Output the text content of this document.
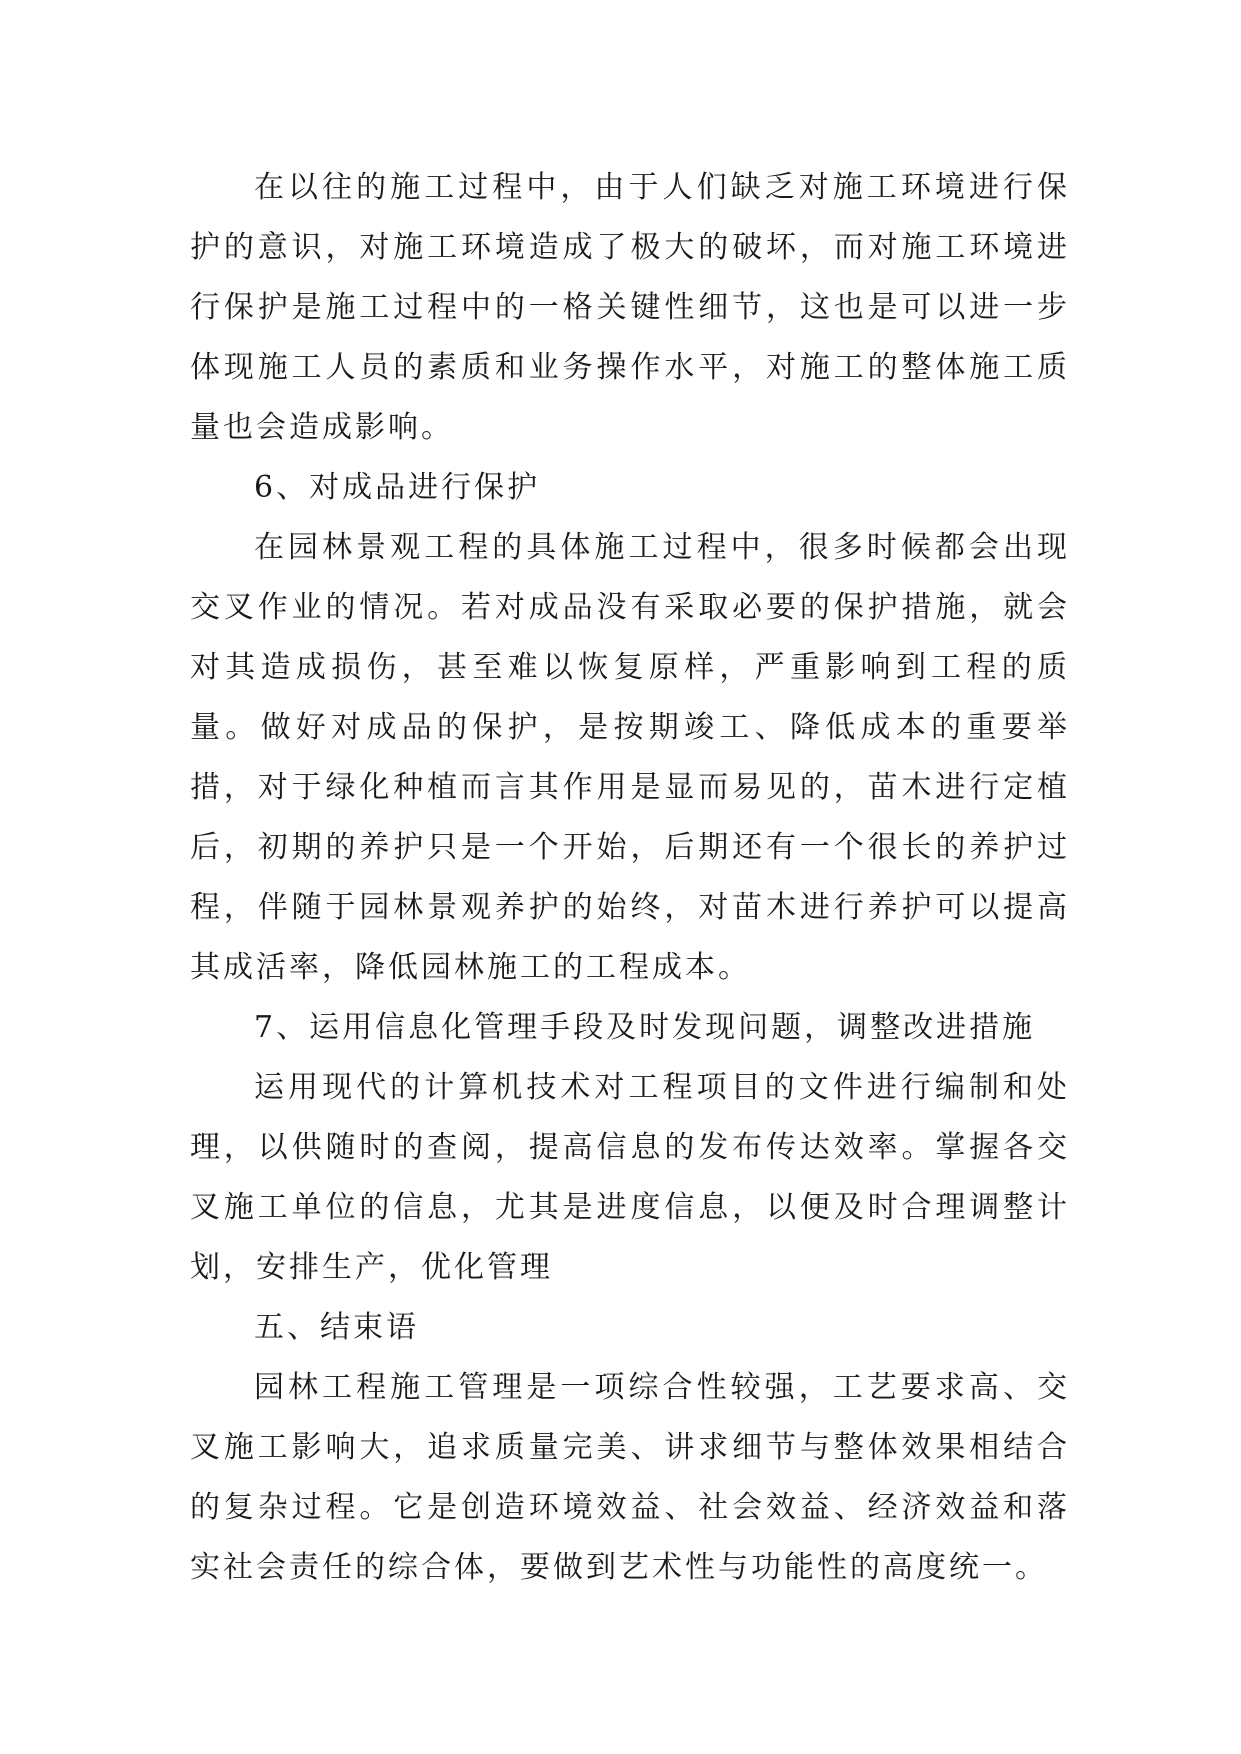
在以往的施工过程中，由于人们缺乏对施工环境进行保护的意识，对施工环境造成了极大的破坏，而对施工环境进行保护是施工过程中的一格关键性细节，这也是可以进一步体现施工人员的素质和业务操作水平，对施工的整体施工质量也会造成影响。

6、对成品进行保护

在园林景观工程的具体施工过程中，很多时候都会出现交叉作业的情况。若对成品没有采取必要的保护措施，就会对其造成损伤，甚至难以恢复原样，严重影响到工程的质量。做好对成品的保护，是按期竣工、降低成本的重要举措，对于绿化种植而言其作用是显而易见的，苗木进行定植后，初期的养护只是一个开始，后期还有一个很长的养护过程，伴随于园林景观养护的始终，对苗木进行养护可以提高其成活率，降低园林施工的工程成本。

7、运用信息化管理手段及时发现问题，调整改进措施

运用现代的计算机技术对工程项目的文件进行编制和处理，以供随时的查阅，提高信息的发布传达效率。掌握各交叉施工单位的信息，尤其是进度信息，以便及时合理调整计划，安排生产，优化管理

五、结束语

园林工程施工管理是一项综合性较强，工艺要求高、交叉施工影响大，追求质量完美、讲求细节与整体效果相结合的复杂过程。它是创造环境效益、社会效益、经济效益和落实社会责任的综合体，要做到艺术性与功能性的高度统一。
